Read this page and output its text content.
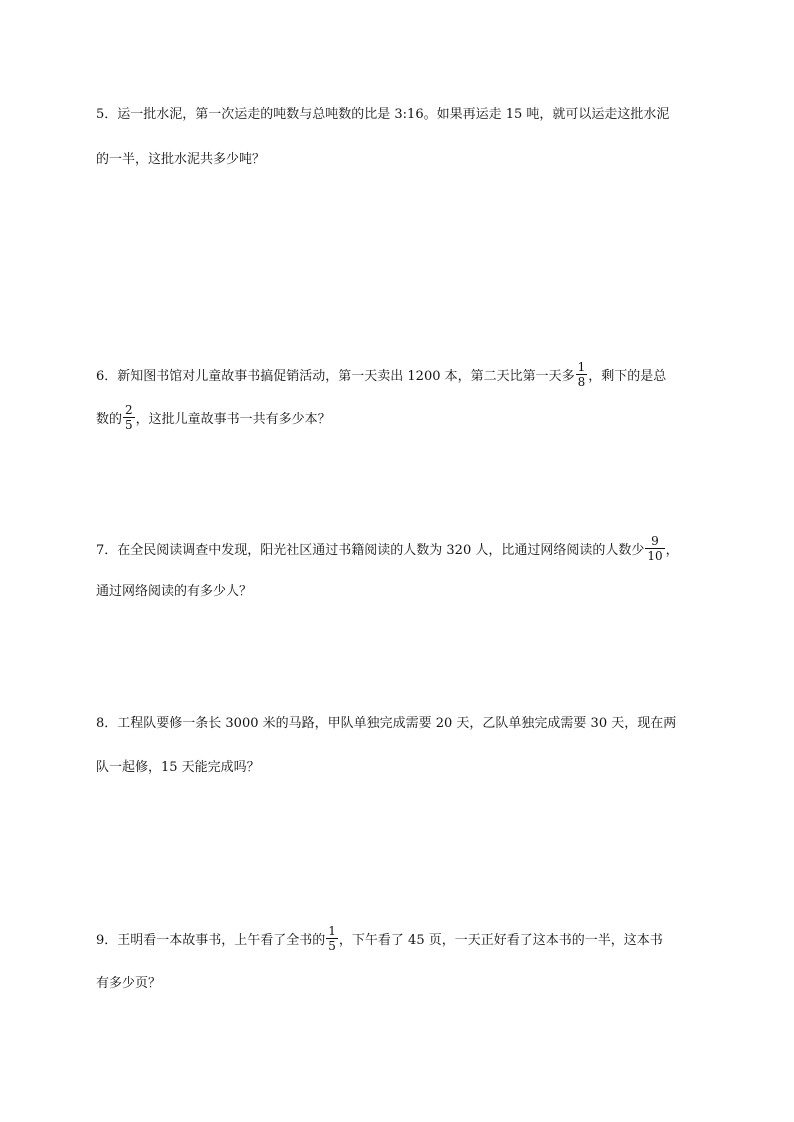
5．运一批水泥，第一次运走的吨数与总吨数的比是 3:16。如果再运走 15 吨，就可以运走这批水泥
的一半，这批水泥共多少吨？
6．新知图书馆对儿童故事书搞促销活动，第一天卖出 1200 本，第二天比第一天多 $\frac{1}{8}$ ，剩下的是总
数的 $\frac{2}{5}$ ，这批儿童故事书一共有多少本？
7．在全民阅读调查中发现，阳光社区通过书籍阅读的人数为 320 人，比通过网络阅读的人数少 $\frac{9}{10}$ ，
通过网络阅读的有多少人？
8．工程队要修一条长 3000 米的马路，甲队单独完成需要 20 天，乙队单独完成需要 30 天，现在两
队一起修，15 天能完成吗？
9．王明看一本故事书，上午看了全书的 $\frac{1}{5}$ ，下午看了 45 页，一天正好看了这本书的一半，这本书
有多少页？
